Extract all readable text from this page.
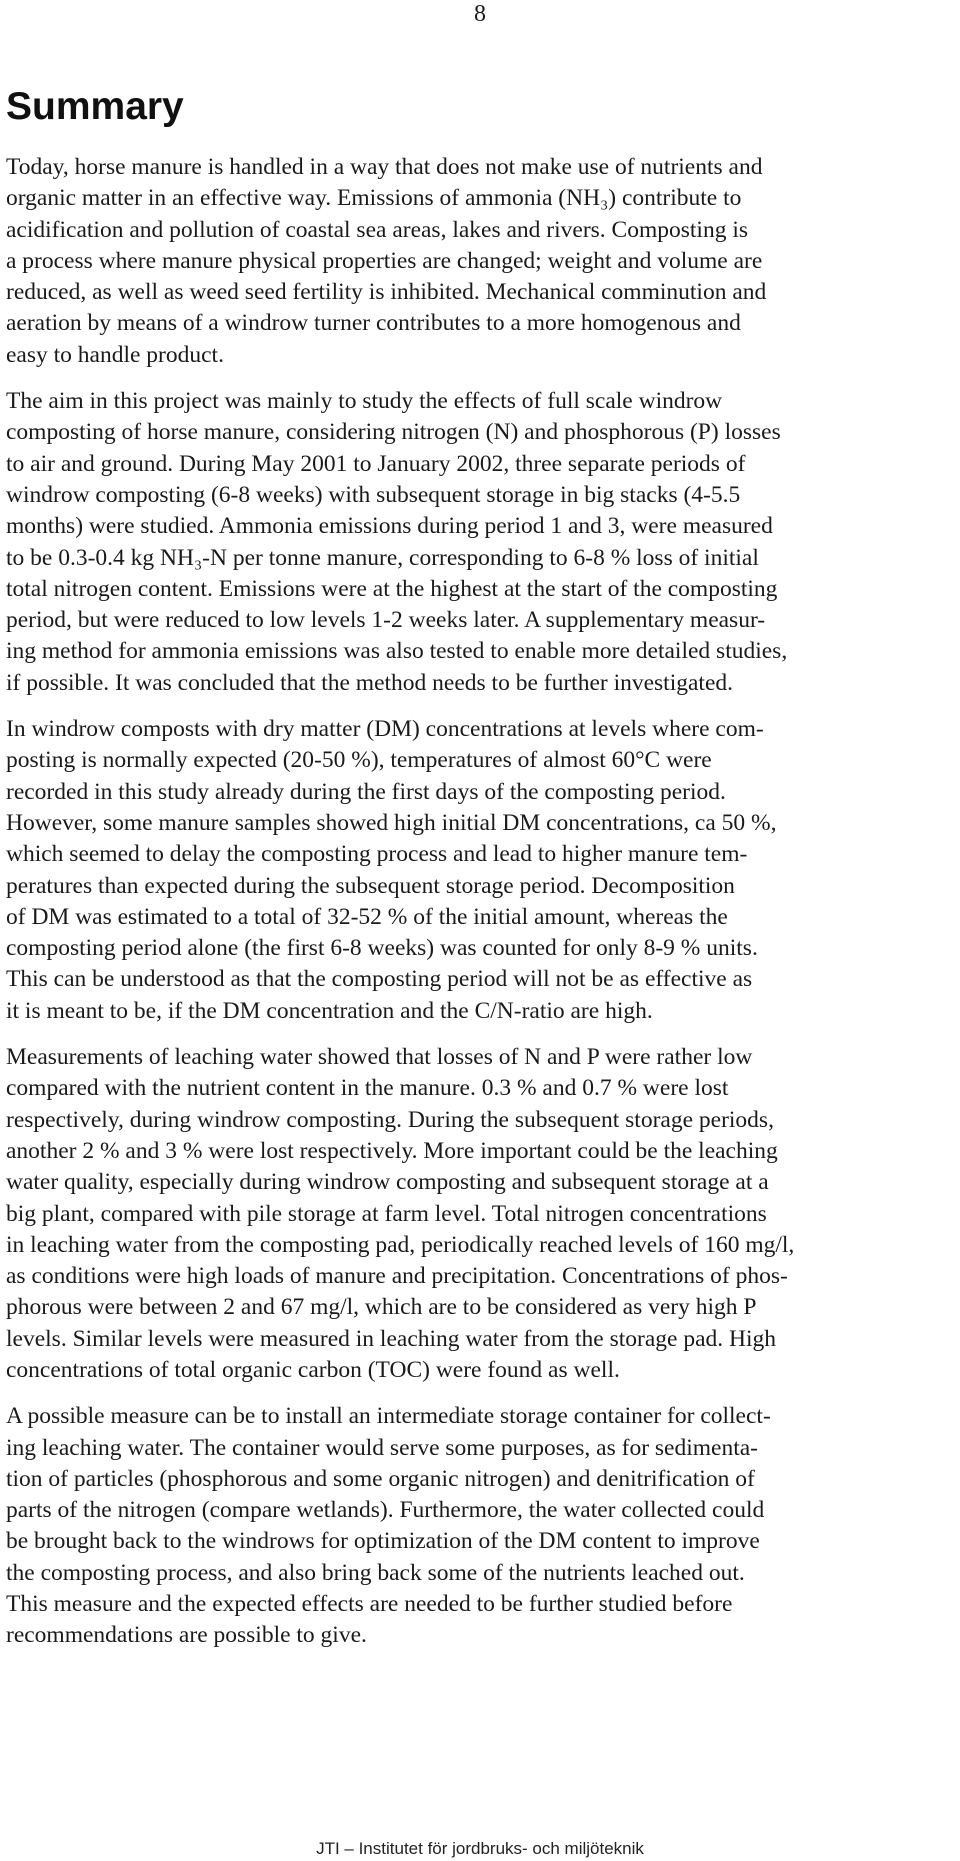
8
Summary

Today, horse manure is handled in a way that does not make use of nutrients and
organic matter in an effective way. Emissions of ammonia (NH₃) contribute to
acidification and pollution of coastal sea areas, lakes and rivers. Composting is
a process where manure physical properties are changed; weight and volume are
reduced, as well as weed seed fertility is inhibited. Mechanical comminution and
aeration by means of a windrow turner contributes to a more homogenous and
easy to handle product.

The aim in this project was mainly to study the effects of full scale windrow
composting of horse manure, considering nitrogen (N) and phosphorous (P) losses
to air and ground. During May 2001 to January 2002, three separate periods of
windrow composting (6-8 weeks) with subsequent storage in big stacks (4-5.5
months) were studied. Ammonia emissions during period 1 and 3, were measured
to be 0.3-0.4 kg NH₃-N per tonne manure, corresponding to 6-8 % loss of initial
total nitrogen content. Emissions were at the highest at the start of the composting
period, but were reduced to low levels 1-2 weeks later. A supplementary measur-
ing method for ammonia emissions was also tested to enable more detailed studies,
if possible. It was concluded that the method needs to be further investigated.

In windrow composts with dry matter (DM) concentrations at levels where com-
posting is normally expected (20-50 %), temperatures of almost 60°C were
recorded in this study already during the first days of the composting period.
However, some manure samples showed high initial DM concentrations, ca 50 %,
which seemed to delay the composting process and lead to higher manure tem-
peratures than expected during the subsequent storage period. Decomposition
of DM was estimated to a total of 32-52 % of the initial amount, whereas the
composting period alone (the first 6-8 weeks) was counted for only 8-9 % units.
This can be understood as that the composting period will not be as effective as
it is meant to be, if the DM concentration and the C/N-ratio are high.

Measurements of leaching water showed that losses of N and P were rather low
compared with the nutrient content in the manure. 0.3 % and 0.7 % were lost
respectively, during windrow composting. During the subsequent storage periods,
another 2 % and 3 % were lost respectively. More important could be the leaching
water quality, especially during windrow composting and subsequent storage at a
big plant, compared with pile storage at farm level. Total nitrogen concentrations
in leaching water from the composting pad, periodically reached levels of 160 mg/l,
as conditions were high loads of manure and precipitation. Concentrations of phos-
phorous were between 2 and 67 mg/l, which are to be considered as very high P
levels. Similar levels were measured in leaching water from the storage pad. High
concentrations of total organic carbon (TOC) were found as well.

A possible measure can be to install an intermediate storage container for collect-
ing leaching water. The container would serve some purposes, as for sedimenta-
tion of particles (phosphorous and some organic nitrogen) and denitrification of
parts of the nitrogen (compare wetlands). Furthermore, the water collected could
be brought back to the windrows for optimization of the DM content to improve
the composting process, and also bring back some of the nutrients leached out.
This measure and the expected effects are needed to be further studied before
recommendations are possible to give.

JTI – Institutet för jordbruks- och miljöteknik
